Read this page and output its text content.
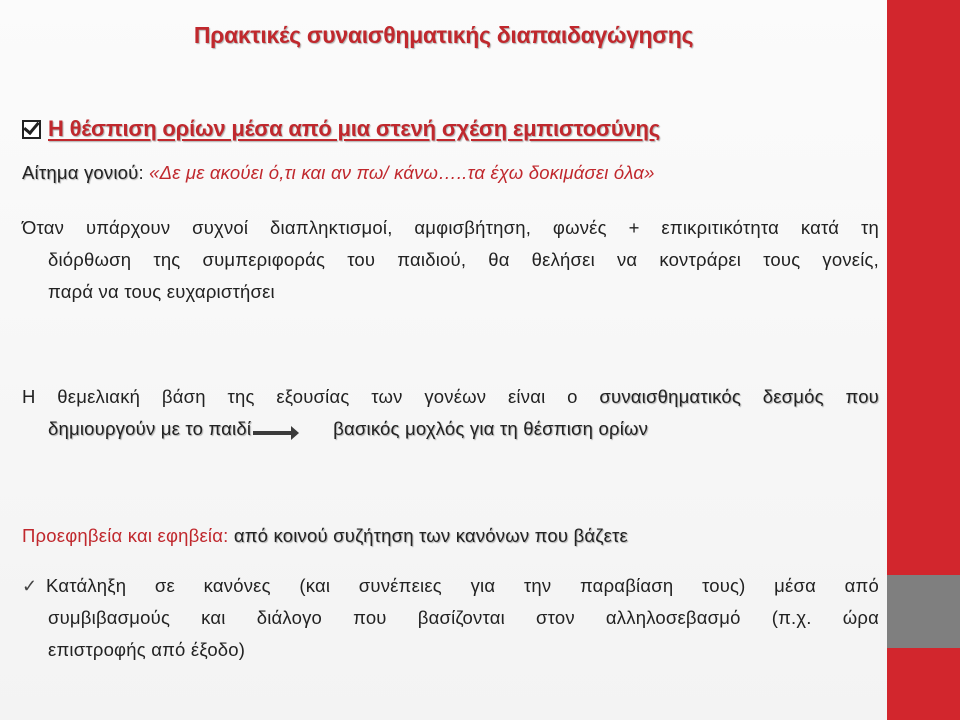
Πρακτικές συναισθηματικής διαπαιδαγώγησης
Η θέσπιση ορίων μέσα από μια στενή σχέση εμπιστοσύνης
Αίτημα γονιού: «Δε με ακούει ό,τι και αν πω/ κάνω…..τα έχω δοκιμάσει όλα»
Όταν υπάρχουν συχνοί διαπληκτισμοί, αμφισβήτηση, φωνές + επικριτικότητα κατά τη
διόρθωση της συμπεριφοράς του παιδιού, θα θελήσει να κοντράρει τους γονείς,
παρά να τους ευχαριστήσει
Η θεμελιακή βάση της εξουσίας των γονέων είναι ο συναισθηματικός δεσμός που
δημιουργούν με το παιδί	βασικός μοχλός για τη θέσπιση ορίων
Προεφηβεία και εφηβεία: από κοινού συζήτηση των κανόνων που βάζετε
✓ Κατάληξη σε κανόνες (και συνέπειες για την παραβίαση τους) μέσα από
συμβιβασμούς και διάλογο που βασίζονται στον αλληλοσεβασμό (π.χ. ώρα
επιστροφής από έξοδο)
